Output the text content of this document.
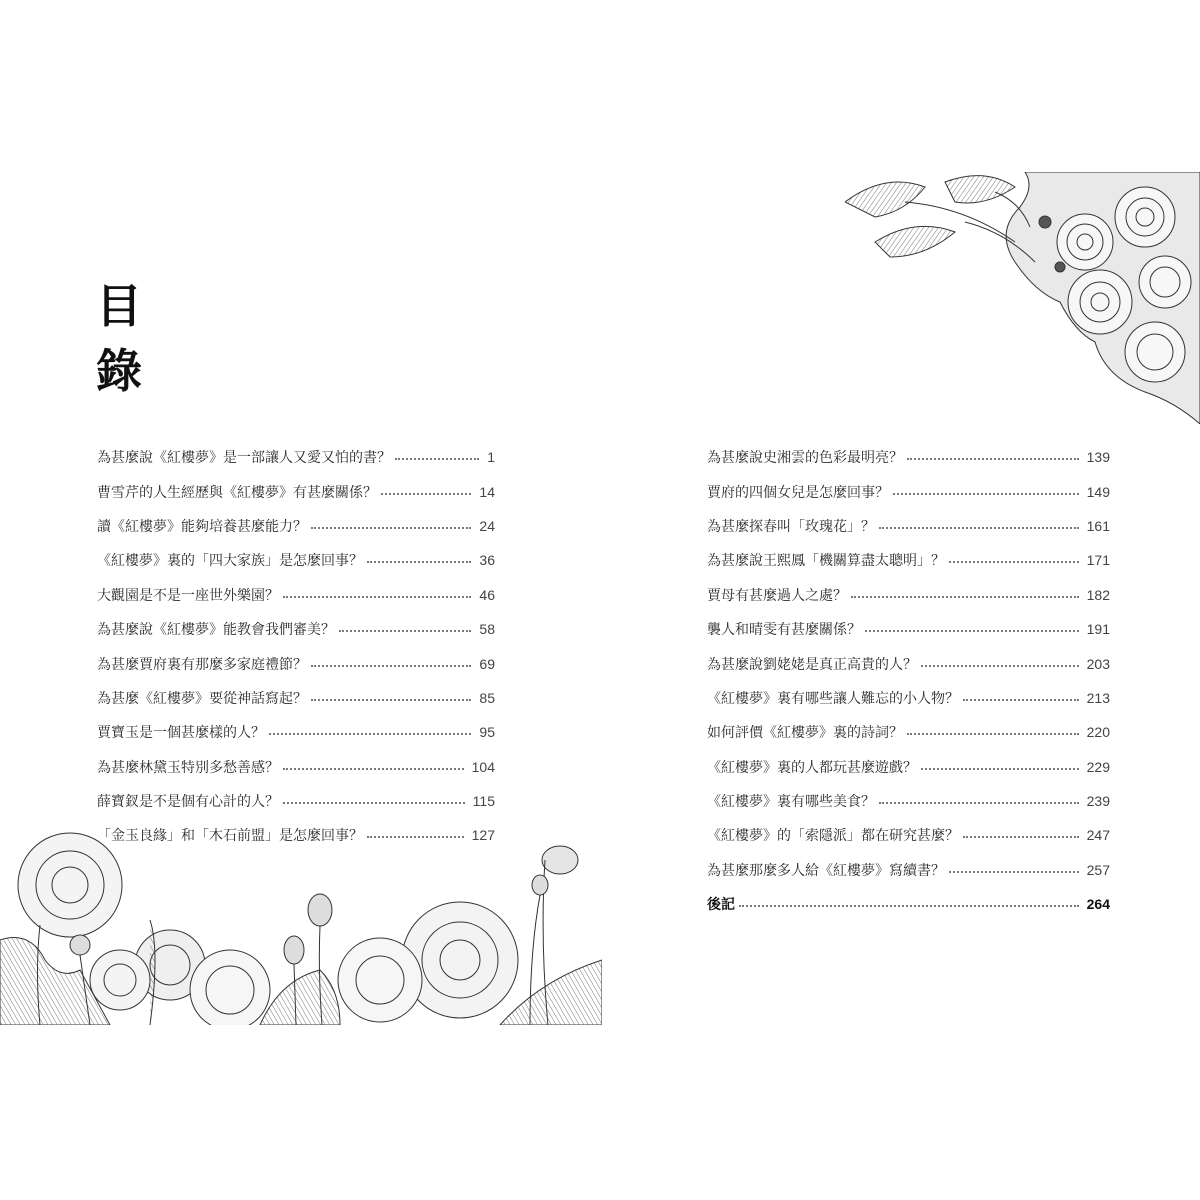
目
錄
為甚麼說《紅樓夢》是一部讓人又愛又怕的書？	1
曹雪芹的人生經歷與《紅樓夢》有甚麼關係？	14
讀《紅樓夢》能夠培養甚麼能力？	24
《紅樓夢》裏的「四大家族」是怎麼回事？	36
大觀園是不是一座世外樂園？	46
為甚麼說《紅樓夢》能教會我們審美？	58
為甚麼賈府裏有那麼多家庭禮節？	69
為甚麼《紅樓夢》要從神話寫起？	85
賈寶玉是一個甚麼樣的人？	95
為甚麼林黛玉特別多愁善感？	104
薛寶釵是不是個有心計的人？	115
「金玉良緣」和「木石前盟」是怎麼回事？	127
為甚麼說史湘雲的色彩最明亮？	139
賈府的四個女兒是怎麼回事？	149
為甚麼探春叫「玫瑰花」？	161
為甚麼說王熙鳳「機關算盡太聰明」？	171
賈母有甚麼過人之處？	182
襲人和晴雯有甚麼關係？	191
為甚麼說劉姥姥是真正高貴的人？	203
《紅樓夢》裏有哪些讓人難忘的小人物？	213
如何評價《紅樓夢》裏的詩詞？	220
《紅樓夢》裏的人都玩甚麼遊戲？	229
《紅樓夢》裏有哪些美食？	239
《紅樓夢》的「索隱派」都在研究甚麼？	247
為甚麼那麼多人給《紅樓夢》寫續書？	257
後記	264
